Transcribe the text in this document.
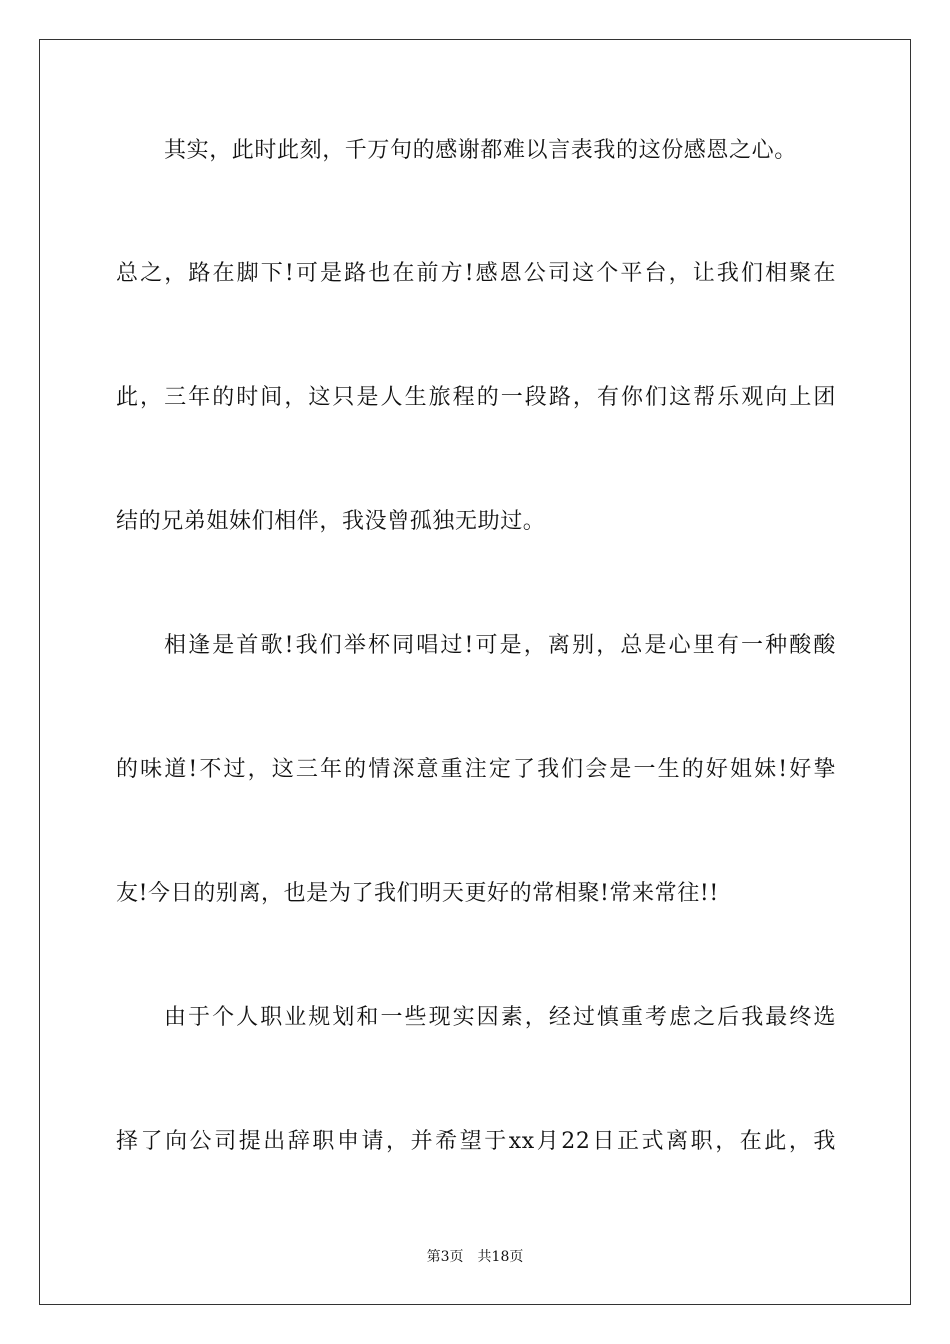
其实，此时此刻，千万句的感谢都难以言表我的这份感恩之心。
总之，路在脚下!可是路也在前方!感恩公司这个平台，让我们相聚在
此，三年的时间，这只是人生旅程的一段路，有你们这帮乐观向上团
结的兄弟姐妹们相伴，我没曾孤独无助过。
相逢是首歌!我们举杯同唱过!可是，离别，总是心里有一种酸酸
的味道!不过，这三年的情深意重注定了我们会是一生的好姐妹!好挚
友!今日的别离，也是为了我们明天更好的常相聚!常来常往!!
由于个人职业规划和一些现实因素，经过慎重考虑之后我最终选
择了向公司提出辞职申请，并希望于xx月22日正式离职，在此，我
第3页 共18页
